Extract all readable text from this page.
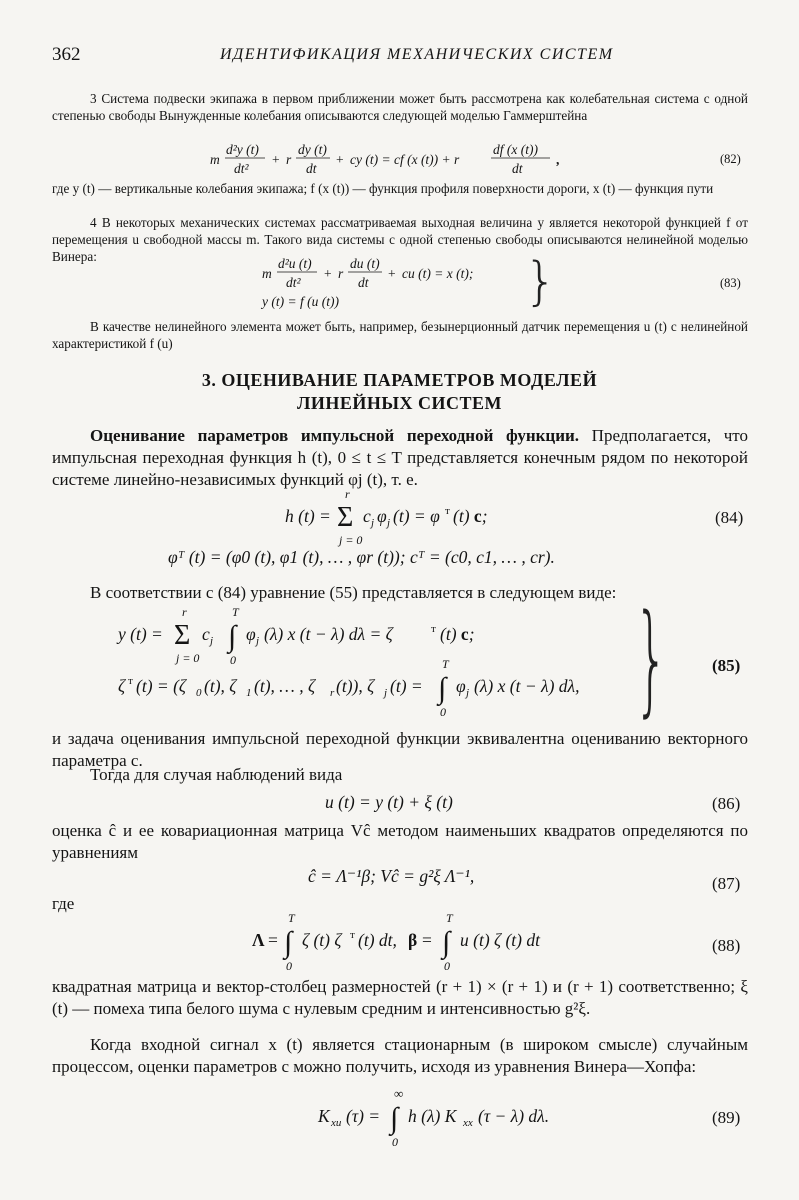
362	ИДЕНТИФИКАЦИЯ МЕХАНИЧЕСКИХ СИСТЕМ
3 Система подвески экипажа в первом приближении может быть рассмотрена как колебательная система с одной степенью свободы Вынужденные колебания описываются следующей моделью Гаммерштейна
m
d²y (t)
dt²
+ r
dy (t)
dt
+ cy (t) = cf (x (t)) + r
df (x (t))
dt
,	(82)
где y (t) — вертикальные колебания экипажа; f (x (t)) — функция профиля поверхности дороги, x (t) — функция пути
4 В некоторых механических системах рассматриваемая выходная величина y является некоторой функцией f от перемещения u свободной массы m. Такого вида системы с одной степенью свободы описываются нелинейной моделью Винера:
m
d²u (t)
dt²
+ r
du (t)
dt
+ cu (t) = x (t);
y (t) = f (u (t))	}	(83)
В качестве нелинейного элемента может быть, например, безынерционный датчик перемещения u (t) с нелинейной характеристикой f (u)
3. ОЦЕНИВАНИЕ ПАРАМЕТРОВ МОДЕЛЕЙ
ЛИНЕЙНЫХ СИСТЕМ
Оценивание параметров импульсной переходной функции. Предполагается, что импульсная переходная функция h (t), 0 ≤ t ≤ T представляется конечным рядом по некоторой системе линейно-независимых функций φj (t), т. е.
h (t) =
r
Σ
j = 0
c j φ j (t) = φ т (t) c;	(84)
φᵀ (t) = (φ0 (t), φ1 (t), … , φr (t)); cᵀ = (c0, c1, … , cr).
В соответствии с (84) уравнение (55) представляется в следующем виде:
y (t) =
r
Σ
j = 0
c j
T
∫
0
φ j (λ) x (t − λ) dλ = ζ	т (t) c;
ζ т (t) = (ζ 0 (t), ζ 1 (t), … , ζ r (t)), ζ j (t) =
T
∫
0
φ j (λ) x (t − λ) dλ, }	(85)
и задача оценивания импульсной переходной функции эквивалентна оцениванию векторного параметра c.
Тогда для случая наблюдений вида
u (t) = y (t) + ξ (t)	(86)
оценка ĉ и ее ковариационная матрица Vĉ методом наименьших квадратов определяются по уравнениям
ĉ = Λ⁻¹β; Vĉ = g²ξ Λ⁻¹,	(87)
где
Λ =
T
∫
0
ζ (t) ζ т (t) dt, β =
T
∫
0
u (t) ζ (t) dt	(88)
квадратная матрица и вектор-столбец размерностей (r + 1) × (r + 1) и (r + 1) соответственно; ξ (t) — помеха типа белого шума с нулевым средним и интенсивностью g²ξ.
Когда входной сигнал x (t) является стационарным (в широком смысле) случайным процессом, оценки параметров c можно получить, исходя из уравнения Винера—Хопфа:
K xu (τ) =
∞
∫
0
h (λ) K xx (τ − λ) dλ.	(89)
